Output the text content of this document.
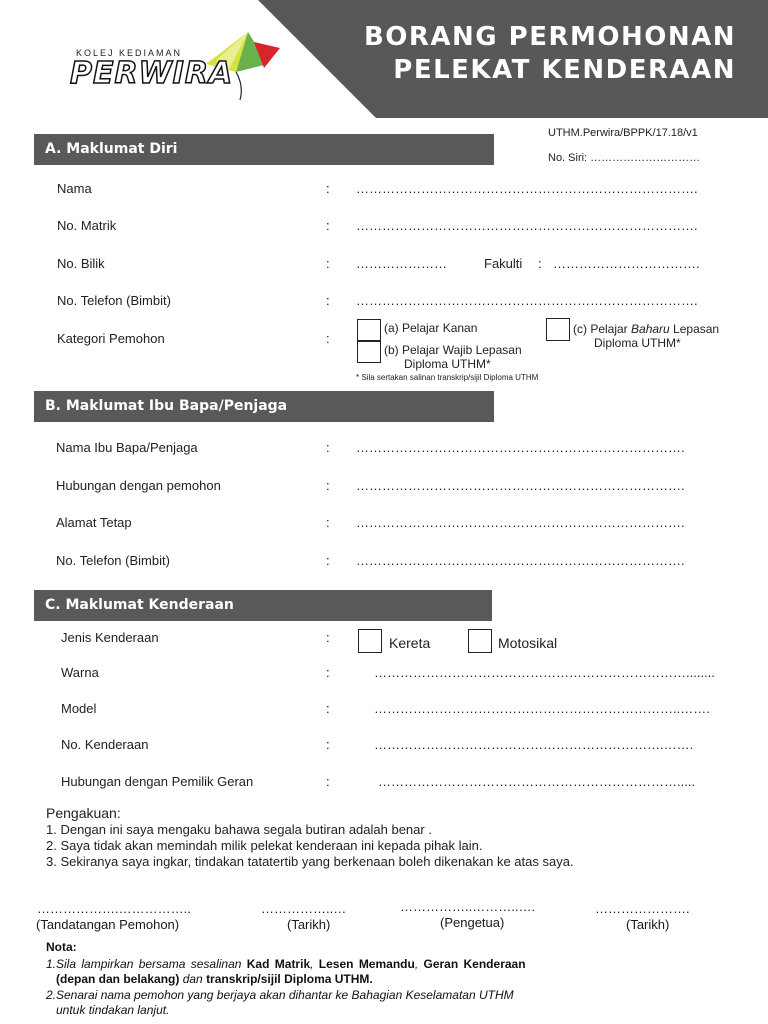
KOLEJ KEDIAMAN
PERWIRA
BORANG PERMOHONAN
PELEKAT KENDERAAN
UTHM.Perwira/BPPK/17.18/v1
No. Siri: …………………………
A. Maklumat Diri
Nama	: …………………………………………………………………….
No. Matrik	: …………………………………………………………………….
No. Bilik	: …………………	Fakulti : …………………………….
No. Telefon (Bimbit)	: …………………………………………………………………….
Kategori Pemohon	:
(a) Pelajar Kanan
(b) Pelajar Wajib Lepasan
Diploma UTHM*
(c) Pelajar Baharu Lepasan
Diploma UTHM*
* Sila sertakan salinan transkrip/sijil Diploma UTHM
B. Maklumat Ibu Bapa/Penjaga
Nama Ibu Bapa/Penjaga	: ………………………………………………………………….
Hubungan dengan pemohon	: ………………………………………………………………….
Alamat Tetap	: ………………………………………………………………….
No. Telefon (Bimbit)	: ………………………………………………………………….
C. Maklumat Kenderaan
Jenis Kenderaan	:	Kereta	Motosikal
Warna	:	………………………………………………………………........
Model	:	……………………………………………………………..…….
No. Kenderaan	:	………………………………………………………….…….
Hubungan dengan Pemilik Geran	:	…………………………………………………………….....
Pengakuan:
1. Dengan ini saya mengaku bahawa segala butiran adalah benar .
2. Saya tidak akan memindah milik pelekat kenderaan ini kepada pihak lain.
3. Sekiranya saya ingkar, tindakan tatatertib yang berkenaan boleh dikenakan ke atas saya.
……………….……………..
(Tandatangan Pemohon)
……………..…
(Tarikh)
……………..………..….
(Pengetua)
………………….
(Tarikh)
Nota:
1.Sila lampirkan bersama sesalinan Kad Matrik, Lesen Memandu, Geran Kenderaan
(depan dan belakang) dan transkrip/sijil Diploma UTHM.
2.Senarai nama pemohon yang berjaya akan dihantar ke Bahagian Keselamatan UTHM
untuk tindakan lanjut.
